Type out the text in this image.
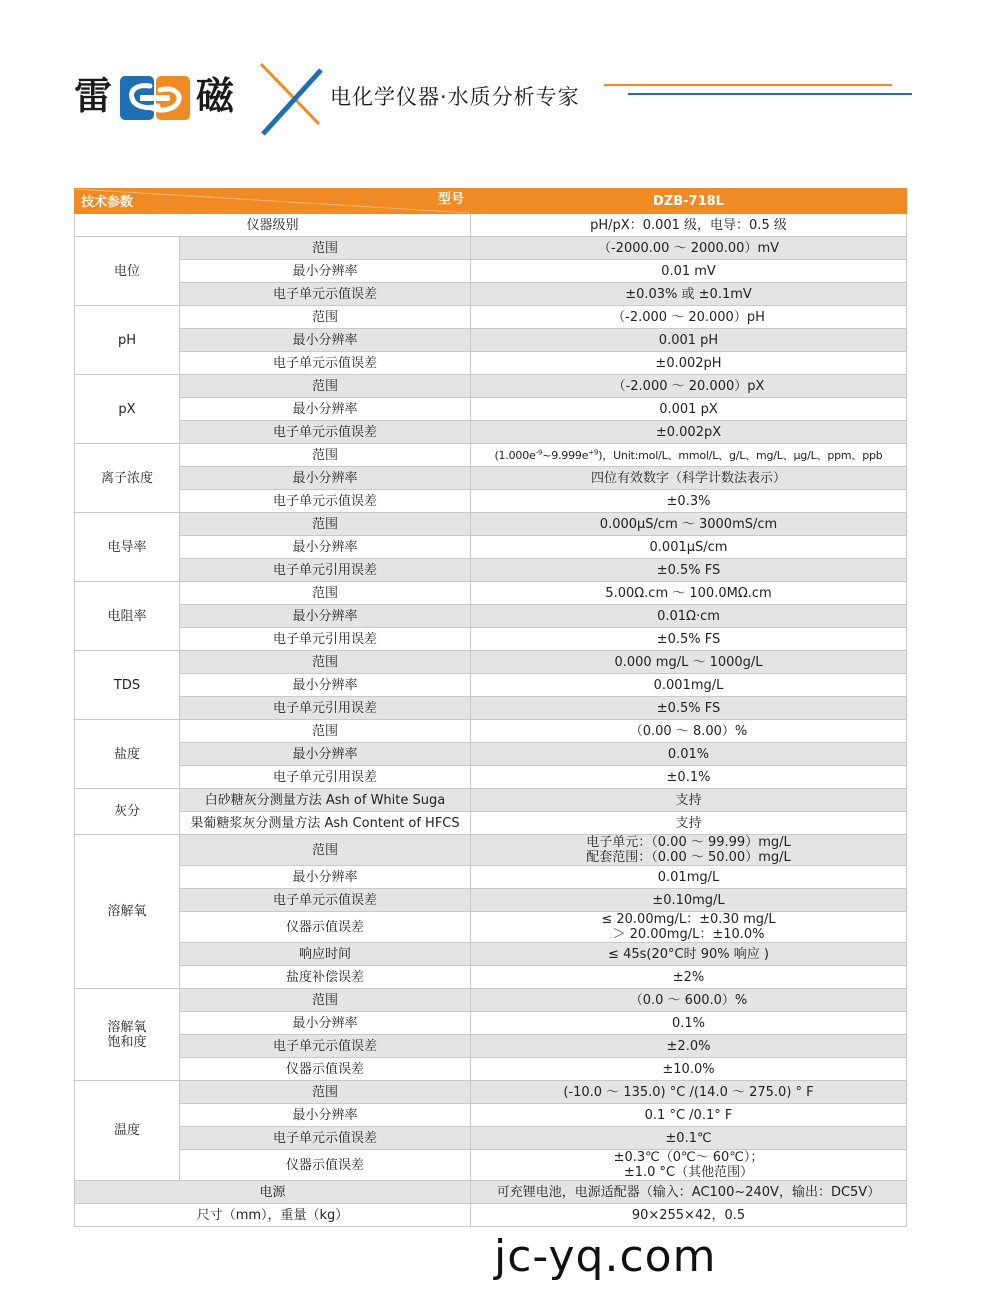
雷 磁	电化学仪器·水质分析专家
技术参数 型号		DZB-718L
仪器级别		pH/pX：0.001 级，电导：0.5 级
电位	范围	（-2000.00 ～ 2000.00）mV
	最小分辨率	0.01 mV
	电子单元示值误差	±0.03% 或 ±0.1mV
pH	范围	（-2.000 ～ 20.000）pH
	最小分辨率	0.001 pH
	电子单元示值误差	±0.002pH
pX	范围	（-2.000 ～ 20.000）pX
	最小分辨率	0.001 pX
	电子单元示值误差	±0.002pX
离子浓度	范围	$(1.000e^{-9}\sim 9.999e^{+9})$，Unit:mol/L、mmol/L、g/L、mg/L、μg/L、ppm、ppb
	最小分辨率	四位有效数字（科学计数法表示）
	电子单元示值误差	±0.3%
电导率	范围	0.000μS/cm ～ 3000mS/cm
	最小分辨率	0.001μS/cm
	电子单元引用误差	±0.5% FS
电阻率	范围	5.00Ω.cm ～ 100.0MΩ.cm
	最小分辨率	0.01Ω·cm
	电子单元引用误差	±0.5% FS
TDS	范围	0.000 mg/L ～ 1000g/L
	最小分辨率	0.001mg/L
	电子单元引用误差	±0.5% FS
盐度	范围	（0.00 ～ 8.00）%
	最小分辨率	0.01%
	电子单元引用误差	±0.1%
灰分	白砂糖灰分测量方法 Ash of White Suga	支持
	果葡糖浆灰分测量方法 Ash Content of HFCS	支持
溶解氧	范围	电子单元：（0.00 ～ 99.99）mg/L
配套范围：（0.00 ～ 50.00）mg/L

	最小分辨率	0.01mg/L
	电子单元示值误差	±0.10mg/L
	仪器示值误差	≤ 20.00mg/L：±0.30 mg/L
＞ 20.00mg/L：±10.0%

	响应时间	≤ 45s(20°C时 90% 响应 )
	盐度补偿误差	±2%

溶解氧
饱和度	范围	（0.0 ～ 600.0）%
	最小分辨率	0.1%
	电子单元示值误差	±2.0%
	仪器示值误差	±10.0%
温度	范围	(-10.0 ～ 135.0) °C /(14.0 ～ 275.0) ° F
	最小分辨率	0.1 °C /0.1° F
	电子单元示值误差	±0.1℃
	仪器示值误差	±0.3℃（0℃～ 60℃）；
±1.0 °C（其他范围）

电源		可充锂电池，电源适配器（输入：AC100~240V，输出：DC5V）
尺寸（mm），重量（kg）		90×255×42，0.5
jc-yq.com
